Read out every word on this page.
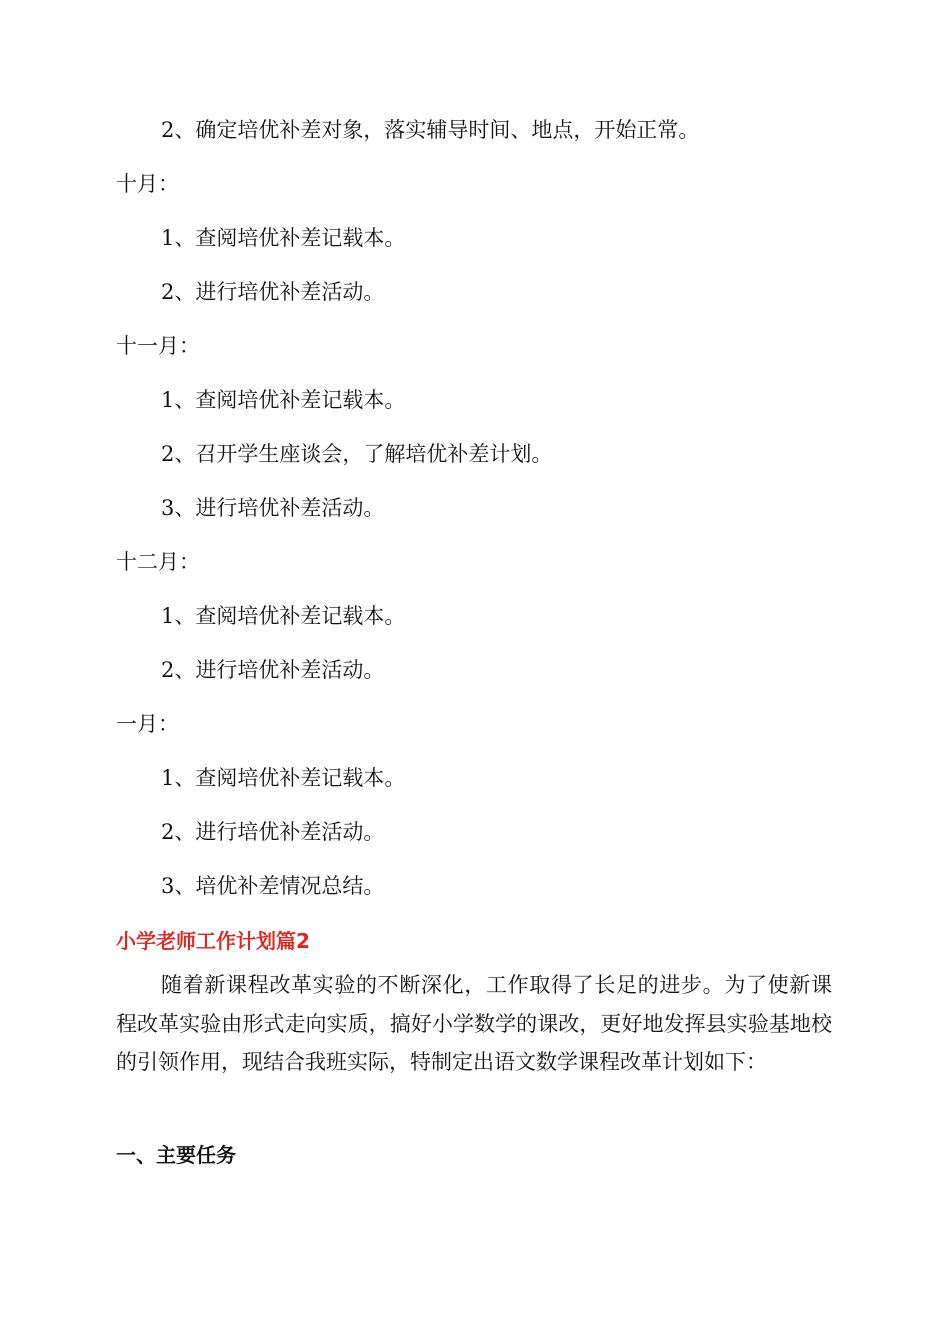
2、确定培优补差对象，落实辅导时间、地点，开始正常。
十月：
1、查阅培优补差记载本。
2、进行培优补差活动。
十一月：
1、查阅培优补差记载本。
2、召开学生座谈会，了解培优补差计划。
3、进行培优补差活动。
十二月：
1、查阅培优补差记载本。
2、进行培优补差活动。
一月：
1、查阅培优补差记载本。
2、进行培优补差活动。
3、培优补差情况总结。
小学老师工作计划篇2
随着新课程改革实验的不断深化，工作取得了长足的进步。为了使新课程改革实验由形式走向实质，搞好小学数学的课改，更好地发挥县实验基地校的引领作用，现结合我班实际，特制定出语文数学课程改革计划如下：
一、主要任务
